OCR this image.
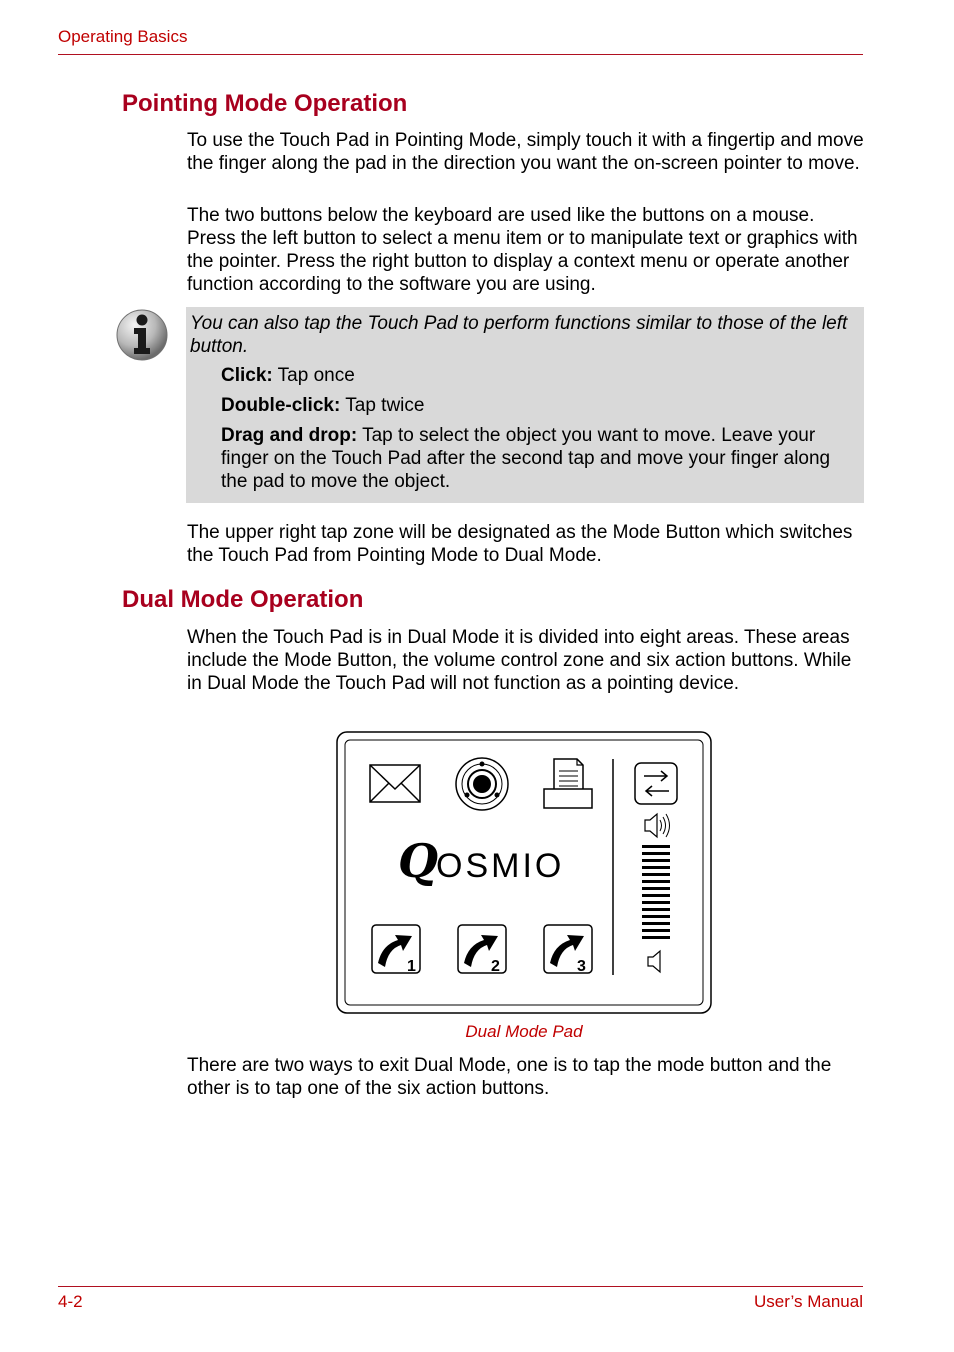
Operating Basics
Pointing Mode Operation

To use the Touch Pad in Pointing Mode, simply touch it with a fingertip and move the finger along the pad in the direction you want the on-screen pointer to move.

The two buttons below the keyboard are used like the buttons on a mouse. Press the left button to select a menu item or to manipulate text or graphics with the pointer. Press the right button to display a context menu or operate another function according to the software you are using.

You can also tap the Touch Pad to perform functions similar to those of the left button.

Click: Tap once

Double-click: Tap twice

Drag and drop: Tap to select the object you want to move. Leave your finger on the Touch Pad after the second tap and move your finger along the pad to move the object.

The upper right tap zone will be designated as the Mode Button which switches the Touch Pad from Pointing Mode to Dual Mode.

Dual Mode Operation

When the Touch Pad is in Dual Mode it is divided into eight areas. These areas include the Mode Button, the volume control zone and six action buttons. While in Dual Mode the Touch Pad will not function as a pointing device.

Q
OSMIO
1	2	3
Dual Mode Pad

There are two ways to exit Dual Mode, one is to tap the mode button and the other is to tap one of the six action buttons.

4-2	User’s Manual
